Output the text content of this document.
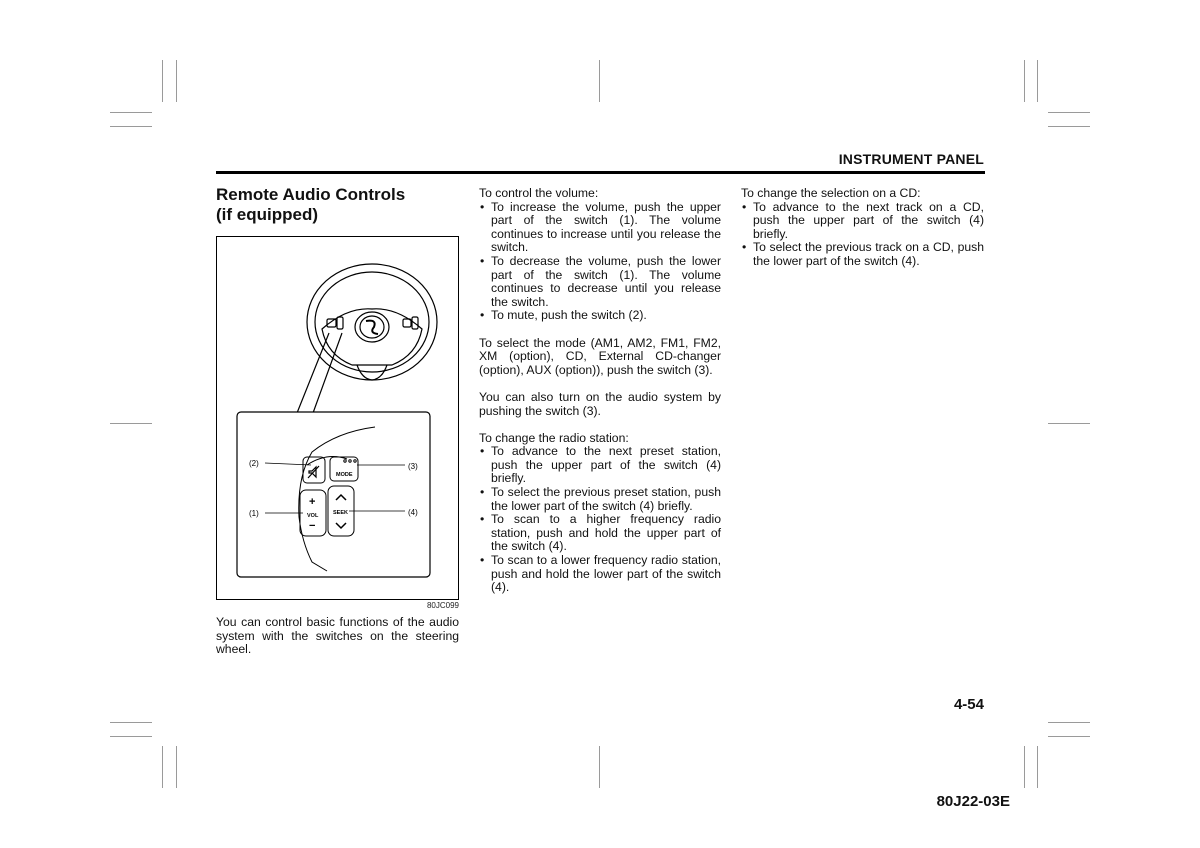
INSTRUMENT PANEL
Remote Audio Controls
(if equipped)
MODE
+
VOL
−
SEEK
(2)
(1)
(3)
(4)
80JC099

You can control basic functions of the audio system with the switches on the steering wheel.

To control the volume:

• To increase the volume, push the upper part of the switch (1). The volume continues to increase until you release the switch.
• To decrease the volume, push the lower part of the switch (1). The volume continues to decrease until you release the switch.
• To mute, push the switch (2).

To select the mode (AM1, AM2, FM1, FM2, XM (option), CD, External CD-changer (option), AUX (option)), push the switch (3).

You can also turn on the audio system by pushing the switch (3).

To change the radio station:

• To advance to the next preset station, push the upper part of the switch (4) briefly.
• To select the previous preset station, push the lower part of the switch (4) briefly.
• To scan to a higher frequency radio station, push and hold the upper part of the switch (4).
• To scan to a lower frequency radio station, push and hold the lower part of the switch (4).

To change the selection on a CD:

• To advance to the next track on a CD, push the upper part of the switch (4) briefly.
• To select the previous track on a CD, push the lower part of the switch (4).

4-54

80J22-03E
